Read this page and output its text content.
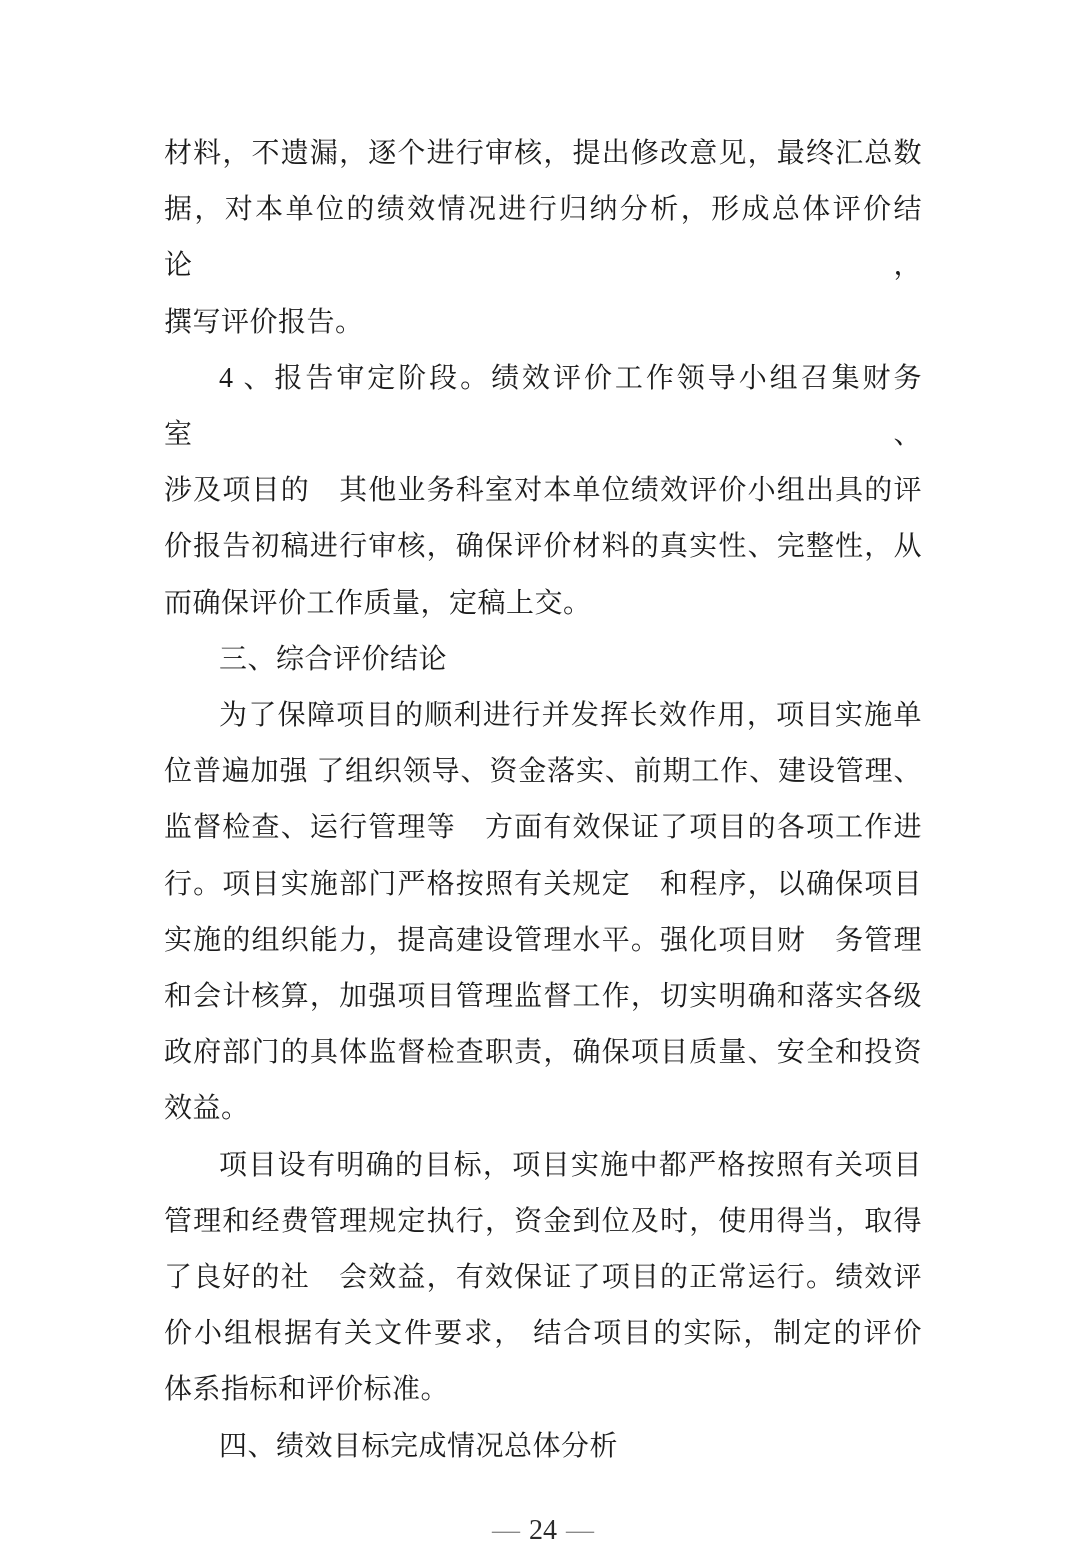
材料，不遗漏，逐个进行审核，提出修改意见，最终汇总数
据，对本单位的绩效情况进行归纳分析，形成总体评价结论，
撰写评价报告。
4 、报告审定阶段。绩效评价工作领导小组召集财务室、
涉及项目的　其他业务科室对本单位绩效评价小组出具的评
价报告初稿进行审核，确保评价材料的真实性、完整性，从
而确保评价工作质量，定稿上交。
三、综合评价结论
为了保障项目的顺利进行并发挥长效作用，项目实施单
位普遍加强 了组织领导、资金落实、前期工作、建设管理、
监督检查、运行管理等　方面有效保证了项目的各项工作进
行。项目实施部门严格按照有关规定　和程序，以确保项目
实施的组织能力，提高建设管理水平。强化项目财　务管理
和会计核算，加强项目管理监督工作，切实明确和落实各级
政府部门的具体监督检查职责，确保项目质量、安全和投资
效益。
项目设有明确的目标，项目实施中都严格按照有关项目
管理和经费管理规定执行，资金到位及时，使用得当，取得
了良好的社　会效益，有效保证了项目的正常运行。绩效评
价小组根据有关文件要求， 结合项目的实际，制定的评价
体系指标和评价标准。
四、绩效目标完成情况总体分析
— 24 —
